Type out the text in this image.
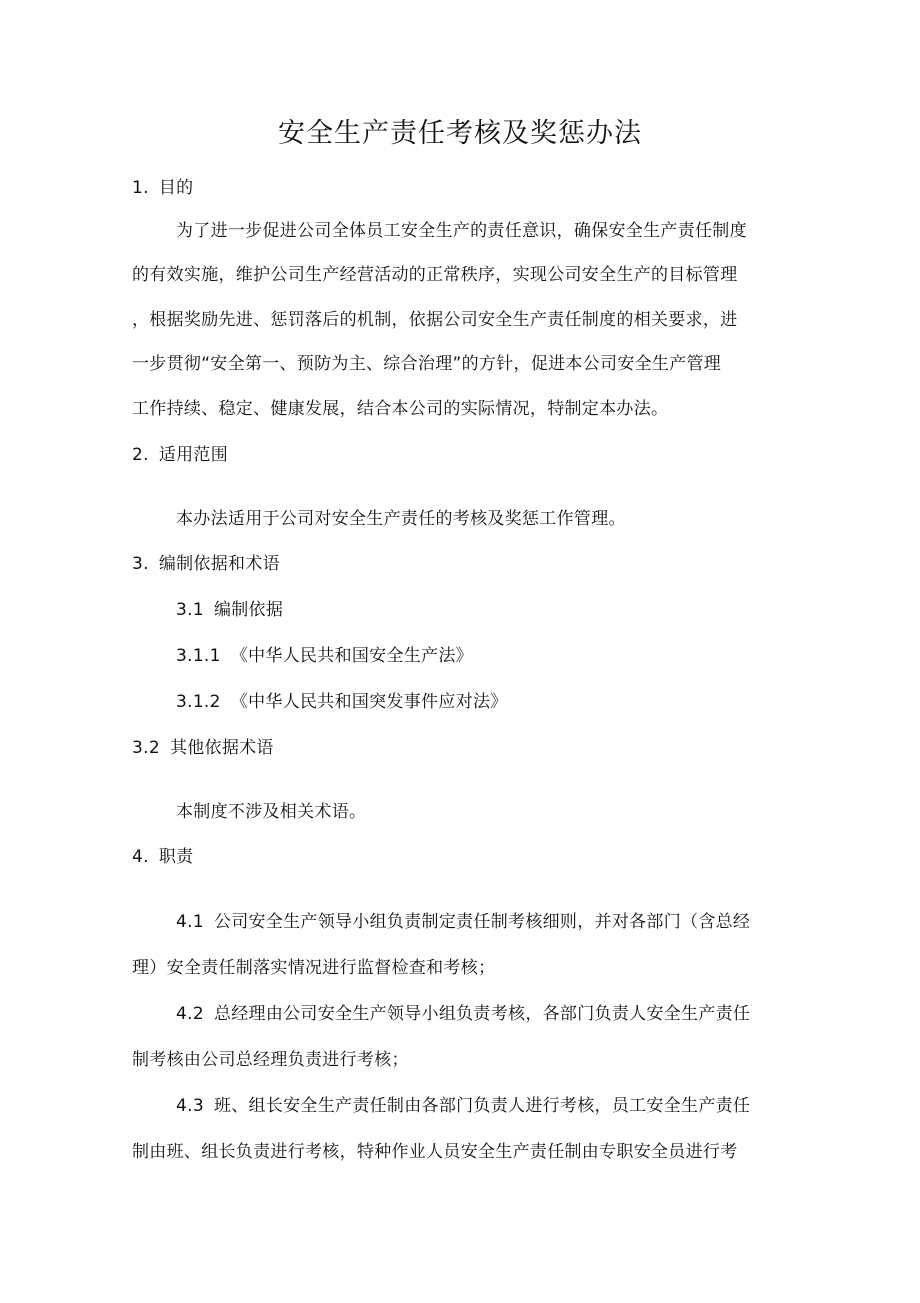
安全生产责任考核及奖惩办法
1. 目的
为了进一步促进公司全体员工安全生产的责任意识，确保安全生产责任制度
的有效实施，维护公司生产经营活动的正常秩序，实现公司安全生产的目标管理
，根据奖励先进、惩罚落后的机制，依据公司安全生产责任制度的相关要求，进
一步贯彻“安全第一、预防为主、综合治理”的方针，促进本公司安全生产管理
工作持续、稳定、健康发展，结合本公司的实际情况，特制定本办法。
2. 适用范围
本办法适用于公司对安全生产责任的考核及奖惩工作管理。
3. 编制依据和术语
3.1 编制依据
3.1.1 《中华人民共和国安全生产法》
3.1.2 《中华人民共和国突发事件应对法》
3.2 其他依据术语
本制度不涉及相关术语。
4. 职责
4.1 公司安全生产领导小组负责制定责任制考核细则，并对各部门（含总经
理）安全责任制落实情况进行监督检查和考核；
4.2 总经理由公司安全生产领导小组负责考核，各部门负责人安全生产责任
制考核由公司总经理负责进行考核；
4.3 班、组长安全生产责任制由各部门负责人进行考核，员工安全生产责任
制由班、组长负责进行考核，特种作业人员安全生产责任制由专职安全员进行考
